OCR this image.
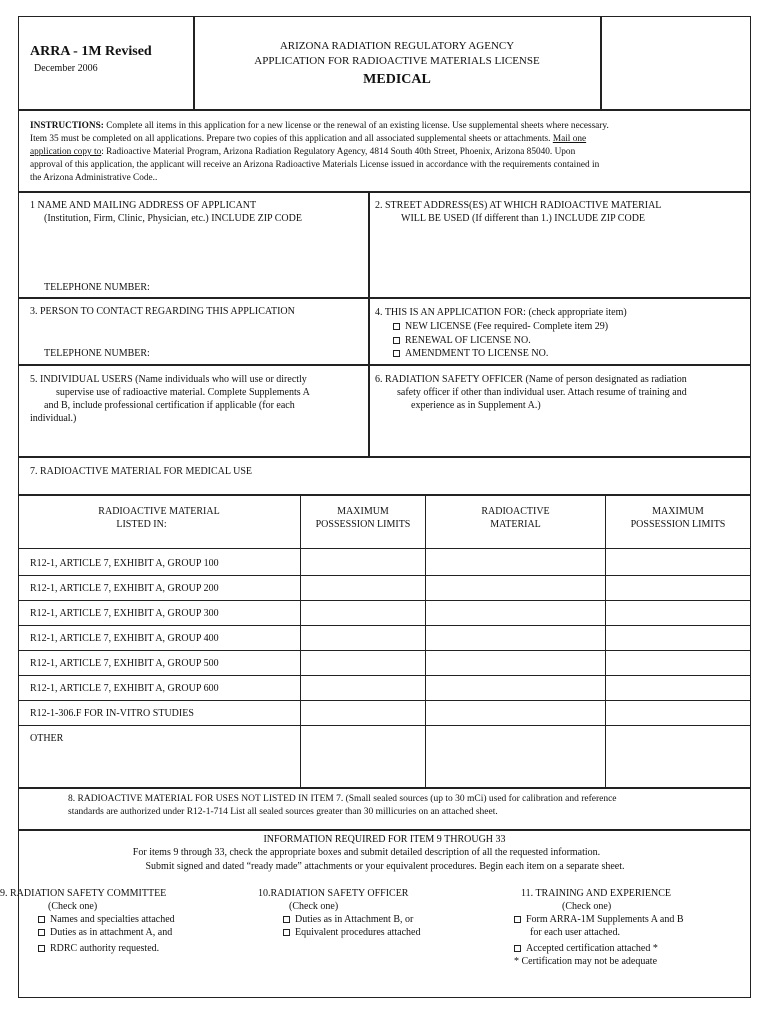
ARRA - 1M Revised
December 2006
ARIZONA RADIATION REGULATORY AGENCY
APPLICATION FOR RADIOACTIVE MATERIALS LICENSE
MEDICAL
INSTRUCTIONS: Complete all items in this application for a new license or the renewal of an existing license. Use supplemental sheets where necessary.
Item 35 must be completed on all applications. Prepare two copies of this application and all associated supplemental sheets or attachments. Mail one
application copy to: Radioactive Material Program, Arizona Radiation Regulatory Agency, 4814 South 40th Street, Phoenix, Arizona 85040. Upon
approval of this application, the applicant will receive an Arizona Radioactive Materials License issued in accordance with the requirements contained in
the Arizona Administrative Code..
1 NAME AND MAILING ADDRESS OF APPLICANT
(Institution, Firm, Clinic, Physician, etc.) INCLUDE ZIP CODE
TELEPHONE NUMBER:
2. STREET ADDRESS(ES) AT WHICH RADIOACTIVE MATERIAL
WILL BE USED (If different than 1.) INCLUDE ZIP CODE
3. PERSON TO CONTACT REGARDING THIS APPLICATION
TELEPHONE NUMBER:
4. THIS IS AN APPLICATION FOR: (check appropriate item)
NEW LICENSE (Fee required- Complete item 29)
RENEWAL OF LICENSE NO.
AMENDMENT TO LICENSE NO.
5. INDIVIDUAL USERS (Name individuals who will use or directly
supervise use of radioactive material. Complete Supplements A
and B, include professional certification if applicable (for each
individual.)
6. RADIATION SAFETY OFFICER (Name of person designated as radiation
safety officer if other than individual user. Attach resume of training and
experience as in Supplement A.)
7. RADIOACTIVE MATERIAL FOR MEDICAL USE
RADIOACTIVE MATERIAL
LISTED IN:
MAXIMUM
POSSESSION LIMITS
RADIOACTIVE
MATERIAL
MAXIMUM
POSSESSION LIMITS
R12-1, ARTICLE 7, EXHIBIT A, GROUP 100
R12-1, ARTICLE 7, EXHIBIT A, GROUP 200
R12-1, ARTICLE 7, EXHIBIT A, GROUP 300
R12-1, ARTICLE 7, EXHIBIT A, GROUP 400
R12-1, ARTICLE 7, EXHIBIT A, GROUP 500
R12-1, ARTICLE 7, EXHIBIT A, GROUP 600
R12-1-306.F FOR IN-VITRO STUDIES
OTHER
8. RADIOACTIVE MATERIAL FOR USES NOT LISTED IN ITEM 7. (Small sealed sources (up to 30 mCi) used for calibration and reference
standards are authorized under R12-1-714 List all sealed sources greater than 30 millicuries on an attached sheet.
INFORMATION REQUIRED FOR ITEM 9 THROUGH 33
For items 9 through 33, check the appropriate boxes and submit detailed description of all the requested information.
Submit signed and dated “ready made” attachments or your equivalent procedures. Begin each item on a separate sheet.
9. RADIATION SAFETY COMMITTEE
(Check one)
Names and specialties attached
Duties as in attachment A, and
RDRC authority requested.
10.RADIATION SAFETY OFFICER
(Check one)
Duties as in Attachment B, or
Equivalent procedures attached
11. TRAINING AND EXPERIENCE
(Check one)
Form ARRA-1M Supplements A and B
for each user attached.
Accepted certification attached *
* Certification may not be adequate
